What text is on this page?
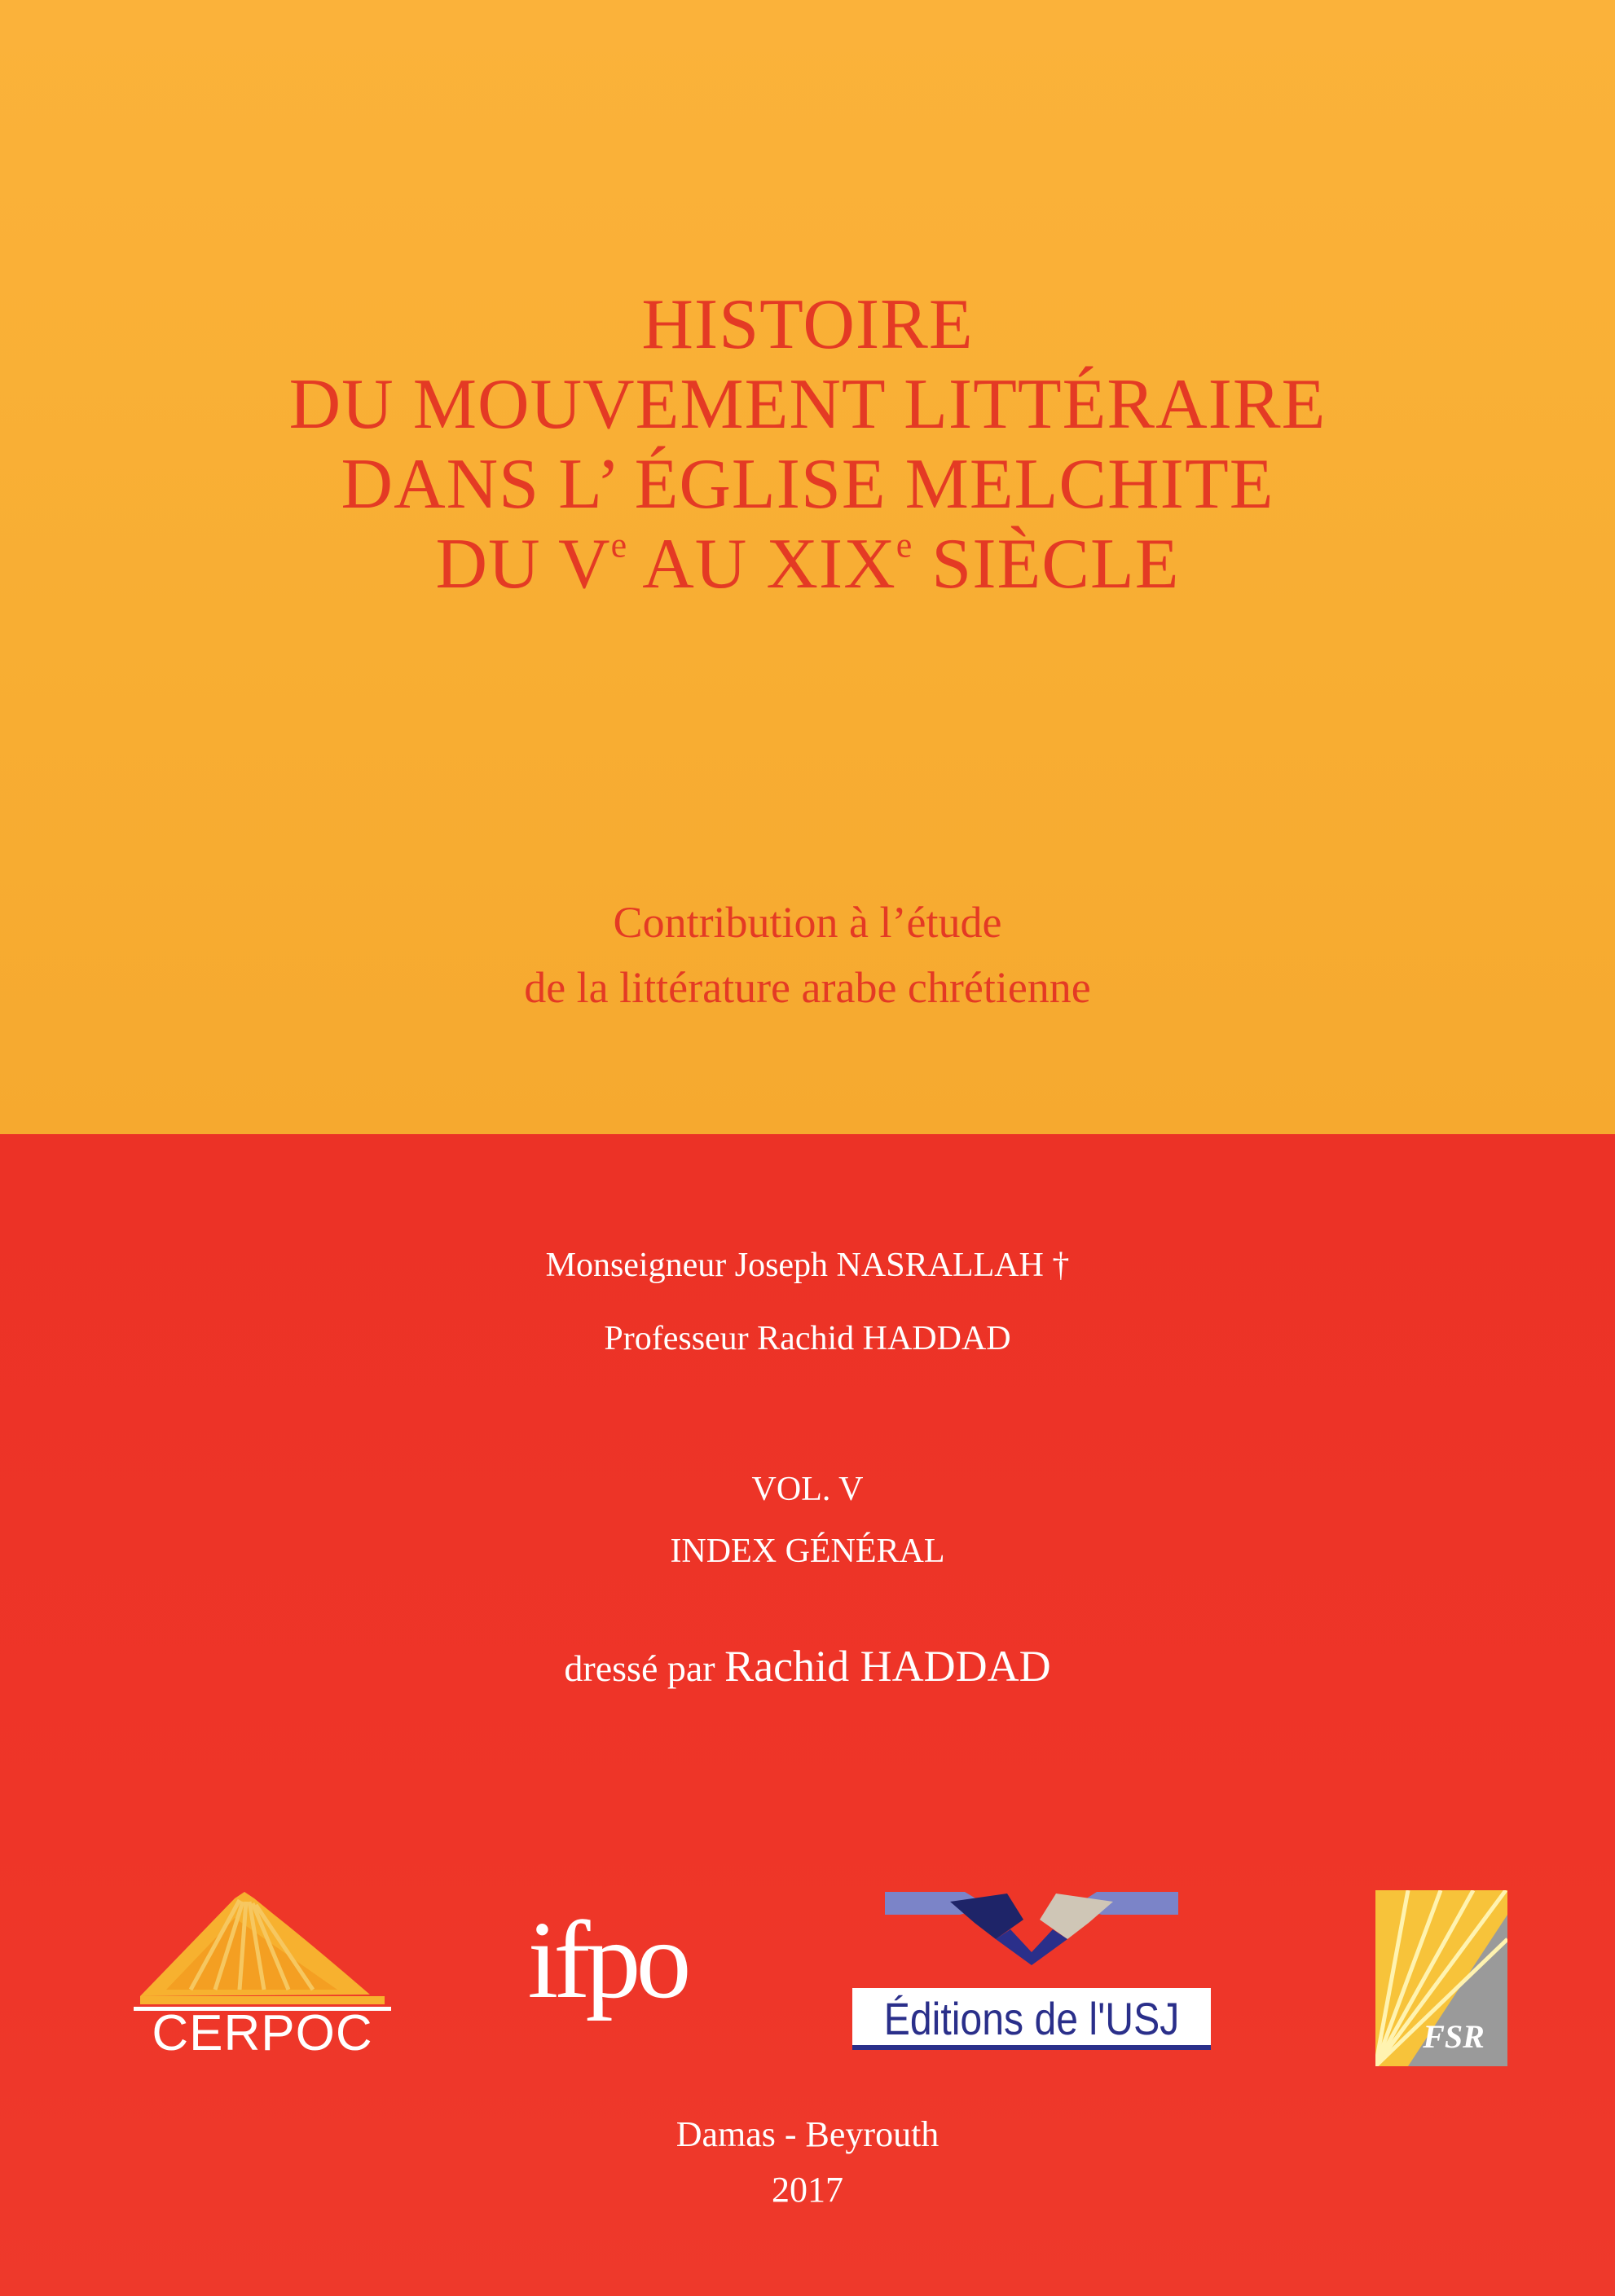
HISTOIRE
DU MOUVEMENT LITTÉRAIRE
DANS L’ ÉGLISE MELCHITE
DU Ve AU XIXe SIÈCLE
Contribution à l’étude
de la littérature arabe chrétienne
Monseigneur Joseph NASRALLAH †
Professeur Rachid HADDAD
VOL. V
INDEX GÉNÉRAL
dressé par Rachid HADDAD
CERPOC
ifpo	Éditions de l'USJ	FSR
Damas - Beyrouth
2017
